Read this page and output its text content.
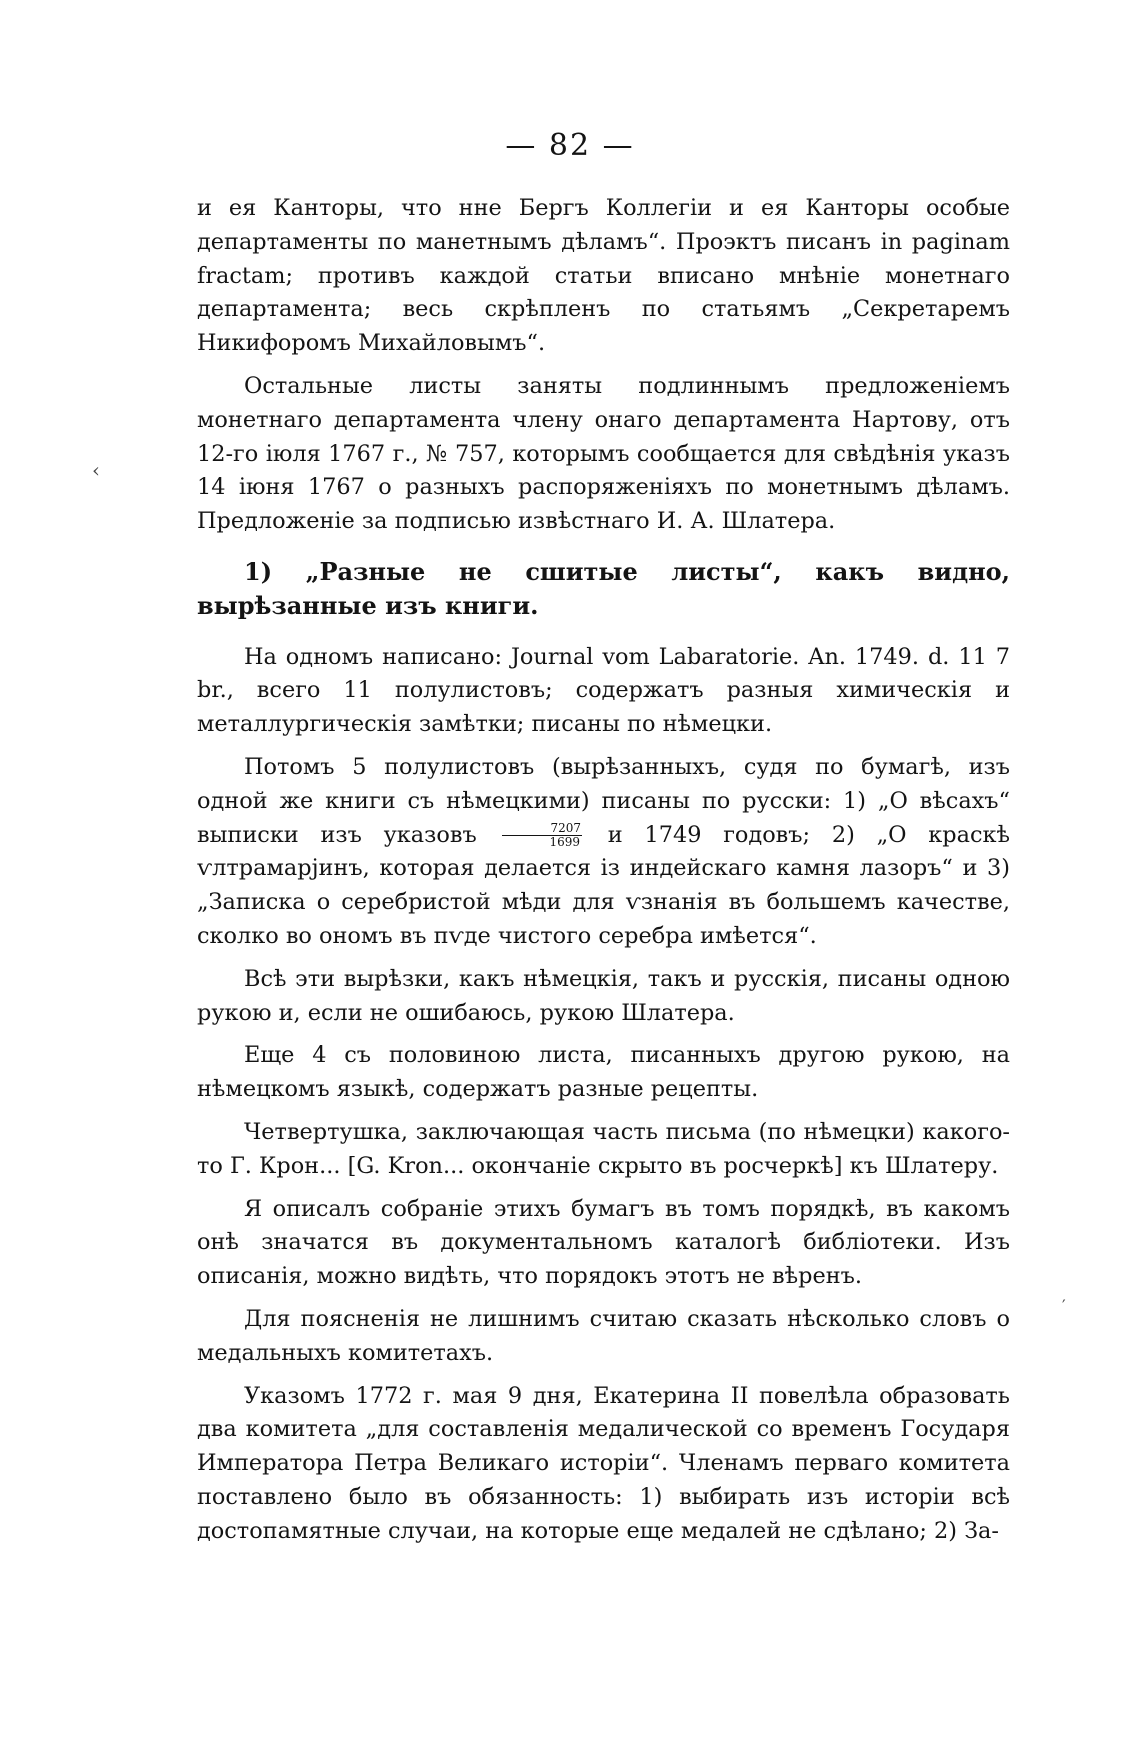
— 82 —
‹
′

и ея Канторы, что нне Бергъ Коллегіи и ея Канторы особые департаменты по манетнымъ дѣламъ“. Проэктъ писанъ in paginam fractam; противъ каждой статьи вписано мнѣніе монетнаго департамента; весь скрѣпленъ по статьямъ „Секретаремъ Никифоромъ Михайловымъ“.

Остальные листы заняты подлиннымъ предложеніемъ монетнаго департамента члену онаго департамента Нартову, отъ 12-го іюля 1767 г., № 757, которымъ сообщается для свѣдѣнія указъ 14 іюня 1767 о разныхъ распоряженіяхъ по монетнымъ дѣламъ. Предложеніе за подписью извѣстнаго И. А. Шлатера.

1) „Разные не сшитые листы“, какъ видно, вырѣзанные изъ книги.

На одномъ написано: Journal vom Labaratorie. An. 1749. d. 11 7 br., всего 11 полулистовъ; содержатъ разныя химическія и металлургическія замѣтки; писаны по нѣмецки.

Потомъ 5 полулистовъ (вырѣзанныхъ, судя по бумагѣ, изъ одной же книги съ нѣмецкими) писаны по русски: 1) „О вѣсахъ“ выписки изъ указовъ $\frac{7207}{1699}$ и 1749 годовъ; 2) „О краскѣ ѵлтрамарјинъ, которая делается із индейскаго камня лазоръ“ и 3) „Записка о серебристой мѣди для ѵзнанія въ большемъ качестве, сколко во ономъ въ пѵде чистого серебра имѣется“.

Всѣ эти вырѣзки, какъ нѣмецкія, такъ и русскія, писаны одною рукою и, если не ошибаюсь, рукою Шлатера.

Еще 4 съ половиною листа, писанныхъ другою рукою, на нѣмецкомъ языкѣ, содержатъ разные рецепты.

Четвертушка, заключающая часть письма (по нѣмецки) какого-то Г. Крон... [G. Kron... окончаніе скрыто въ росчеркѣ] къ Шлатеру.

Я описалъ собраніе этихъ бумагъ въ томъ порядкѣ, въ какомъ онѣ значатся въ документальномъ каталогѣ библіотеки. Изъ описанія, можно видѣть, что порядокъ этотъ не вѣренъ.

Для поясненія не лишнимъ считаю сказать нѣсколько словъ о медальныхъ комитетахъ.

Указомъ 1772 г. мая 9 дня, Екатерина II повелѣла образовать два комитета „для составленія медалической со временъ Государя Императора Петра Великаго исторіи“. Членамъ перваго комитета поставлено было въ обязанность: 1) выбирать изъ исторіи всѣ достопамятные случаи, на которые еще медалей не сдѣлано; 2) За-
